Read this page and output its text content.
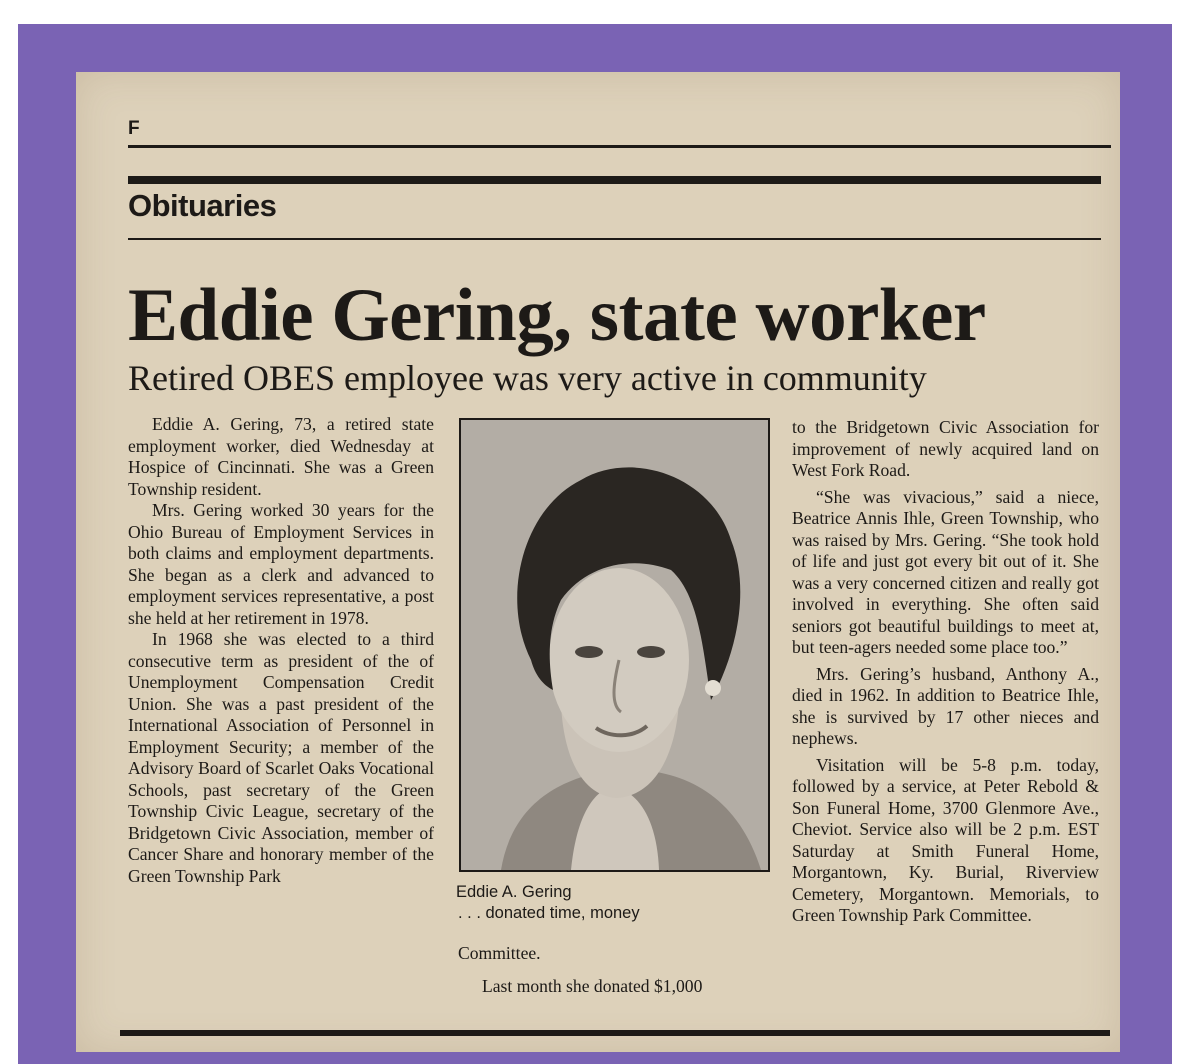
F
Obituaries
Eddie Gering, state worker
Retired OBES employee was very active in community

Eddie A. Gering, 73, a retired state employment worker, died Wednesday at Hospice of Cincinnati. She was a Green Township resident.

Mrs. Gering worked 30 years for the Ohio Bureau of Employment Services in both claims and employment departments. She began as a clerk and advanced to employment services representative, a post she held at her retirement in 1978.

In 1968 she was elected to a third consecutive term as president of the of Unemployment Compensation Credit Union. She was a past president of the International Association of Personnel in Employment Security; a member of the Advisory Board of Scarlet Oaks Vocational Schools, past secretary of the Green Township Civic League, secretary of the Bridgetown Civic Association, member of Cancer Share and honorary member of the Green Township Park

Eddie A. Gering
. . . donated time, money

Committee.

Last month she donated $1,000

to the Bridgetown Civic Association for improvement of newly acquired land on West Fork Road.

“She was vivacious,” said a niece, Beatrice Annis Ihle, Green Township, who was raised by Mrs. Gering. “She took hold of life and just got every bit out of it. She was a very concerned citizen and really got involved in everything. She often said seniors got beautiful buildings to meet at, but teen-agers needed some place too.”

Mrs. Gering’s husband, Anthony A., died in 1962. In addition to Beatrice Ihle, she is survived by 17 other nieces and nephews.

Visitation will be 5-8 p.m. today, followed by a service, at Peter Rebold & Son Funeral Home, 3700 Glenmore Ave., Cheviot. Service also will be 2 p.m. EST Saturday at Smith Funeral Home, Morgantown, Ky. Burial, Riverview Cemetery, Morgantown. Memorials, to Green Township Park Committee.
